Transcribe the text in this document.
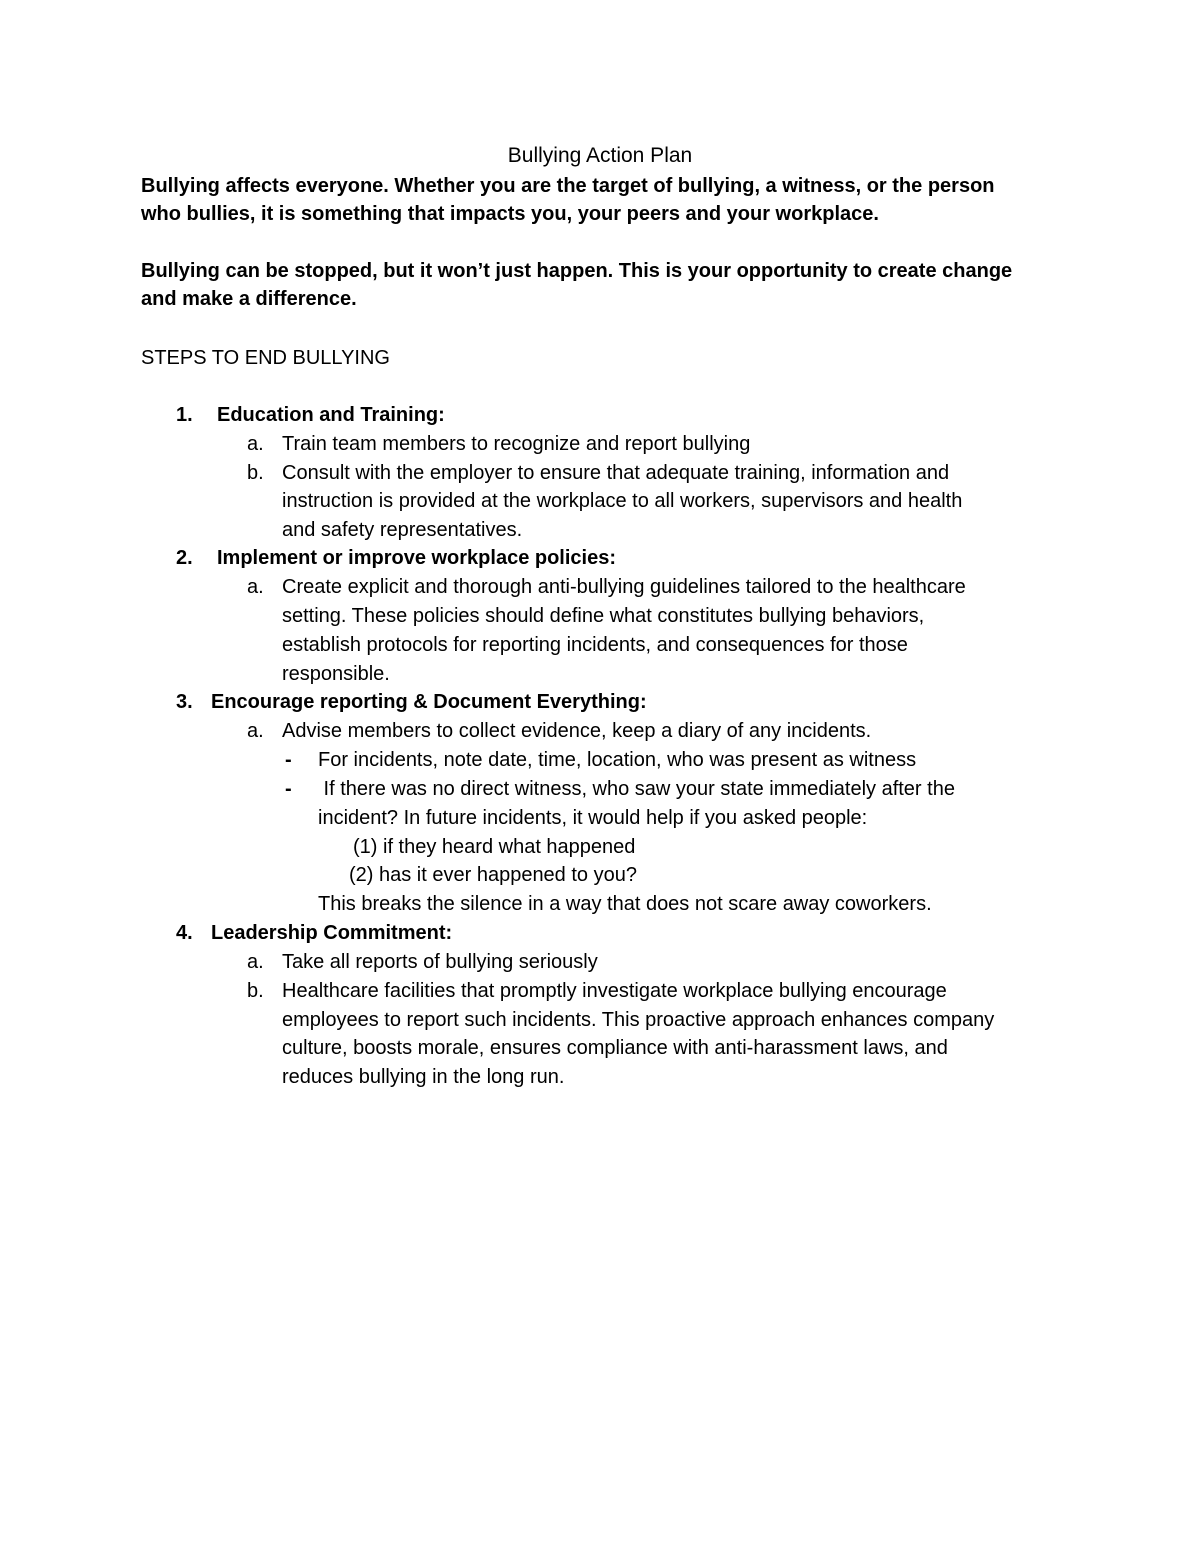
Bullying Action Plan
Bullying affects everyone. Whether you are the target of bullying, a witness, or the person
who bullies, it is something that impacts you, your peers and your workplace.
Bullying can be stopped, but it won’t just happen. This is your opportunity to create change
and make a difference.
STEPS TO END BULLYING
1. Education and Training:
a. Train team members to recognize and report bullying
b. Consult with the employer to ensure that adequate training, information and
instruction is provided at the workplace to all workers, supervisors and health
and safety representatives.
2. Implement or improve workplace policies:
a. Create explicit and thorough anti-bullying guidelines tailored to the healthcare
setting. These policies should define what constitutes bullying behaviors,
establish protocols for reporting incidents, and consequences for those
responsible.
3. Encourage reporting & Document Everything:
a. Advise members to collect evidence, keep a diary of any incidents.
- For incidents, note date, time, location, who was present as witness
- If there was no direct witness, who saw your state immediately after the
incident? In future incidents, it would help if you asked people:
(1) if they heard what happened
(2) has it ever happened to you?
This breaks the silence in a way that does not scare away coworkers.
4. Leadership Commitment:
a. Take all reports of bullying seriously
b. Healthcare facilities that promptly investigate workplace bullying encourage
employees to report such incidents. This proactive approach enhances company
culture, boosts morale, ensures compliance with anti-harassment laws, and
reduces bullying in the long run.
